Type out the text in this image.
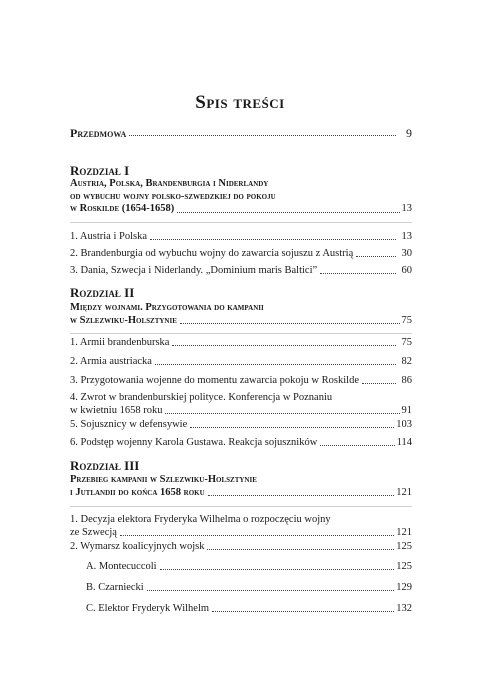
Spis treści
Przedmowa	9
Rozdział I
Austria, Polska, Brandenburgia i Niderlandy
od wybuchu wojny polsko-szwedzkiej do pokoju
w Roskilde (1654-1658)	13
1. Austria i Polska	13
2. Brandenburgia od wybuchu wojny do zawarcia sojuszu z Austrią	30
3. Dania, Szwecja i Niderlandy. „Dominium maris Baltici”	60
Rozdział II
Między wojnami. Przygotowania do kampanii
w Szlezwiku-Holsztynie	75
1. Armii brandenburska	75
2. Armia austriacka	82
3. Przygotowania wojenne do momentu zawarcia pokoju w Roskilde	86
4. Zwrot w brandenburskiej polityce. Konferencja w Poznaniu
w kwietniu 1658 roku	91
5. Sojusznicy w defensywie	103
6. Podstęp wojenny Karola Gustawa. Reakcja sojuszników	114
Rozdział III
Przebieg kampanii w Szlezwiku-Holsztynie
i Jutlandii do końca 1658 roku	121
1. Decyzja elektora Fryderyka Wilhelma o rozpoczęciu wojny
ze Szwecją	121
2. Wymarsz koalicyjnych wojsk	125
A. Montecuccoli	125
B. Czarniecki	129
C. Elektor Fryderyk Wilhelm	132
